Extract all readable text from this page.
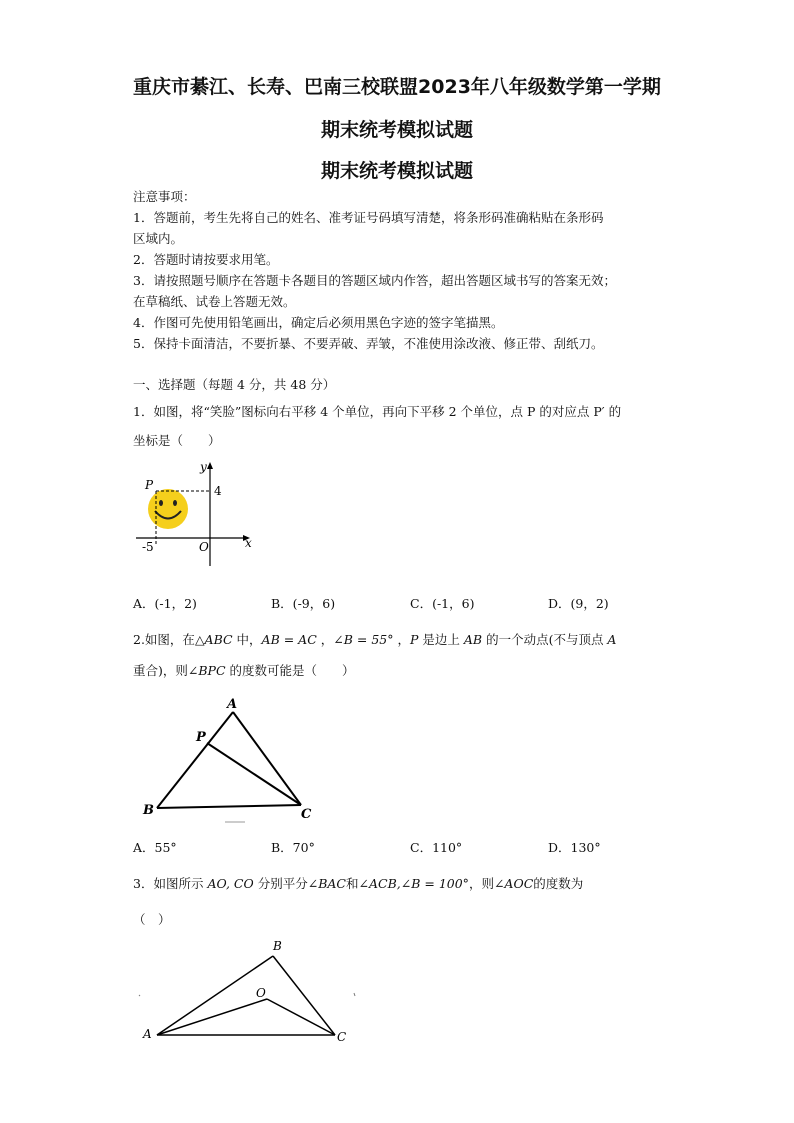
重庆市綦江、长寿、巴南三校联盟2023年八年级数学第一学期
期末统考模拟试题
期末统考模拟试题
注意事项：
1．答题前，考生先将自己的姓名、准考证号码填写清楚，将条形码准确粘贴在条形码
区域内。
2．答题时请按要求用笔。
3．请按照题号顺序在答题卡各题目的答题区域内作答，超出答题区域书写的答案无效；
在草稿纸、试卷上答题无效。
4．作图可先使用铅笔画出，确定后必须用黑色字迹的签字笔描黑。
5．保持卡面清洁，不要折暴、不要弄破、弄皱，不准使用涂改液、修正带、刮纸刀。
一、选择题（每题 4 分，共 48 分）
1．如图，将“笑脸”图标向右平移 4 个单位，再向下平移 2 个单位，点 P 的对应点 P′ 的
坐标是（　　）
y
x
P	4
-5	O
A．(-1，2)	B．(-9，6)	C．(-1，6)	D．(9，2)
2.如图，在△ABC 中，AB = AC ，∠B = 55° ，P 是边上 AB 的一个动点(不与顶点 A
重合)，则∠BPC 的度数可能是（　　）
A
P
B	C
A．55°	B．70°	C．110°	D．130°
3．如图所示 AO, CO 分别平分∠BAC和∠ACB,∠B = 100°，则∠AOC的度数为
（　）
A
B
O
C
